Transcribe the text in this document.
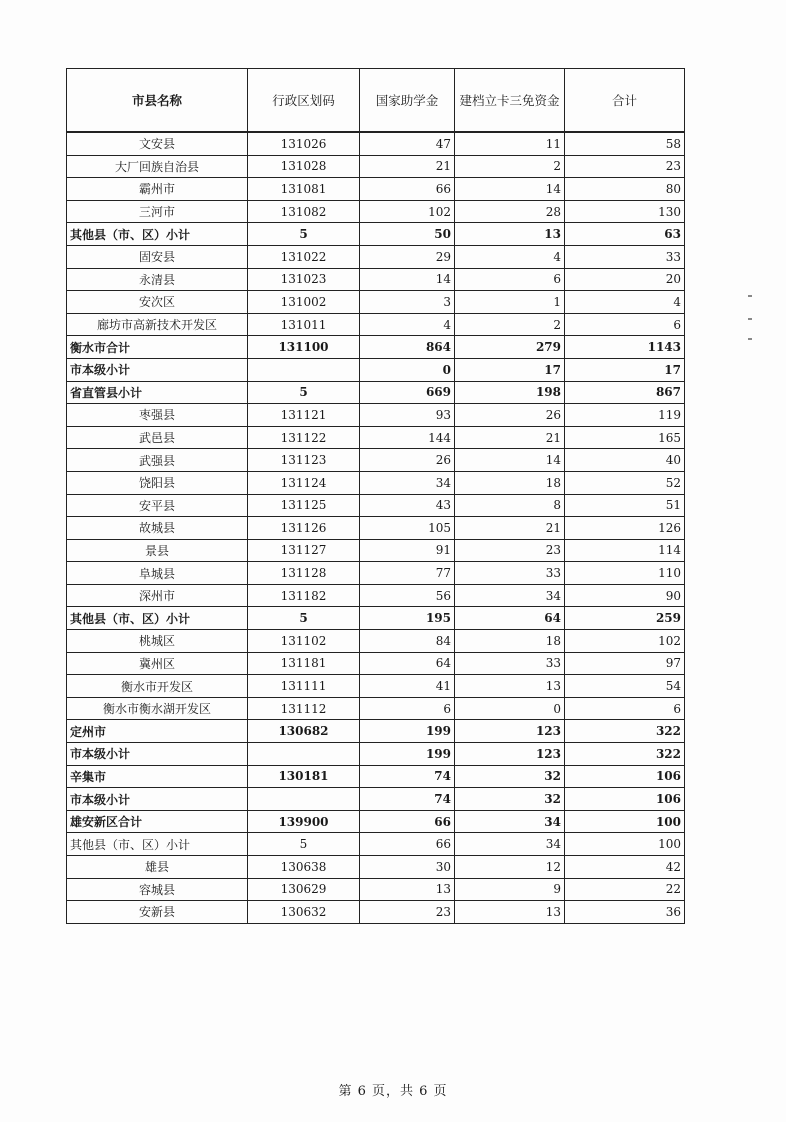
市县名称	行政区划码	国家助学金	建档立卡三免资金	合计
文安县	131026	47	11	58
大厂回族自治县	131028	21	2	23
霸州市	131081	66	14	80
三河市	131082	102	28	130
其他县（市、区）小计	5	50	13	63
固安县	131022	29	4	33
永清县	131023	14	6	20
安次区	131002	3	1	4
廊坊市高新技术开发区	131011	4	2	6
衡水市合计	131100	864	279	1143
市本级小计		0	17	17
省直管县小计	5	669	198	867
枣强县	131121	93	26	119
武邑县	131122	144	21	165
武强县	131123	26	14	40
饶阳县	131124	34	18	52
安平县	131125	43	8	51
故城县	131126	105	21	126
景县	131127	91	23	114
阜城县	131128	77	33	110
深州市	131182	56	34	90
其他县（市、区）小计	5	195	64	259
桃城区	131102	84	18	102
冀州区	131181	64	33	97
衡水市开发区	131111	41	13	54
衡水市衡水湖开发区	131112	6	0	6
定州市	130682	199	123	322
市本级小计		199	123	322
辛集市	130181	74	32	106
市本级小计		74	32	106
雄安新区合计	139900	66	34	100
其他县（市、区）小计	5	66	34	100
雄县	130638	30	12	42
容城县	130629	13	9	22
安新县	130632	23	13	36
第 6 页，共 6 页
